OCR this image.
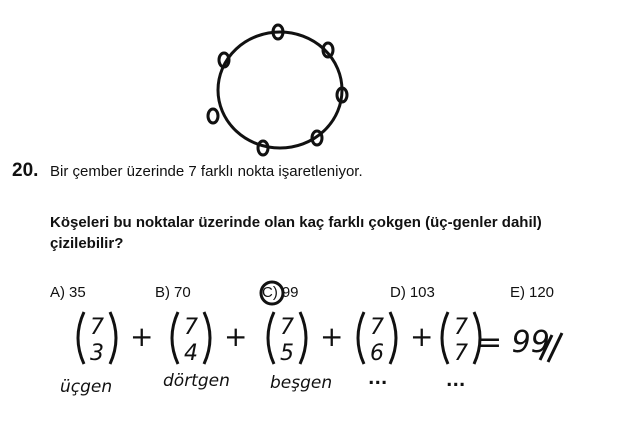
20. Bir çember üzerinde 7 farklı nokta işaretleniyor.
Köşeleri bu noktalar üzerinde olan kaç farklı çokgen (üç-genler dahil) çizilebilir?
A) 35	B) 70	C) 99	D) 103	E) 120
7
3
+ 7
4
+ 7
5
+ 7
6
+ 7
7 = 99
üçgen	dörtgen beşgen ...	...
